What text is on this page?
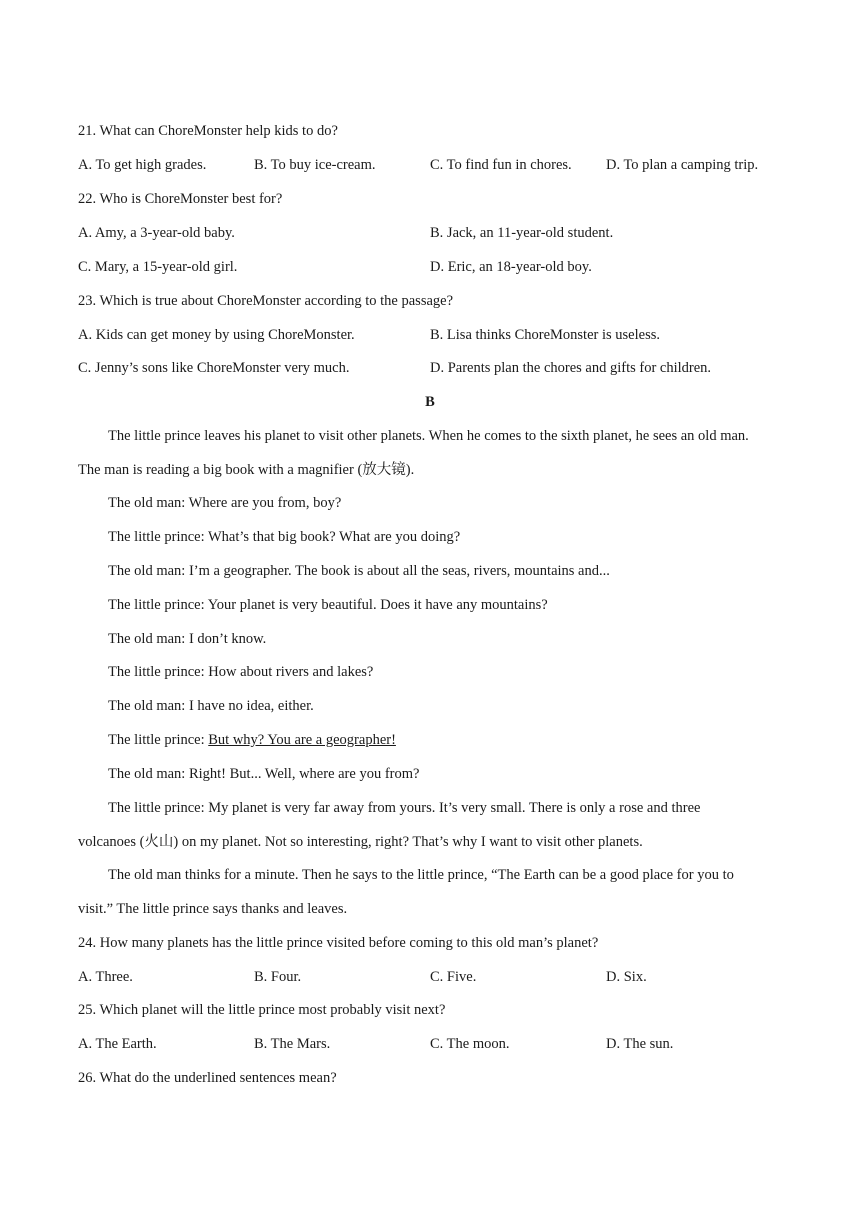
21. What can ChoreMonster help kids to do?
A. To get high grades.	B. To buy ice-cream.	C. To find fun in chores. D. To plan a camping trip.
22. Who is ChoreMonster best for?
A. Amy, a 3-year-old baby.	B. Jack, an 11-year-old student.
C. Mary, a 15-year-old girl.	D. Eric, an 18-year-old boy.
23. Which is true about ChoreMonster according to the passage?
A. Kids can get money by using ChoreMonster.	B. Lisa thinks ChoreMonster is useless.
C. Jenny’s sons like ChoreMonster very much.	D. Parents plan the chores and gifts for children.
B
The little prince leaves his planet to visit other planets. When he comes to the sixth planet, he sees an old man.
The man is reading a big book with a magnifier (放大镜).
The old man: Where are you from, boy?
The little prince: What’s that big book? What are you doing?
The old man: I’m a geographer. The book is about all the seas, rivers, mountains and...
The little prince: Your planet is very beautiful. Does it have any mountains?
The old man: I don’t know.
The little prince: How about rivers and lakes?
The old man: I have no idea, either.
The little prince: But why? You are a geographer!
The old man: Right! But... Well, where are you from?
The little prince: My planet is very far away from yours. It’s very small. There is only a rose and three
volcanoes (火山) on my planet. Not so interesting, right? That’s why I want to visit other planets.
The old man thinks for a minute. Then he says to the little prince, “The Earth can be a good place for you to
visit.” The little prince says thanks and leaves.
24. How many planets has the little prince visited before coming to this old man’s planet?
A. Three.	B. Four.	C. Five.	D. Six.
25. Which planet will the little prince most probably visit next?
A. The Earth.	B. The Mars.	C. The moon.	D. The sun.
26. What do the underlined sentences mean?
